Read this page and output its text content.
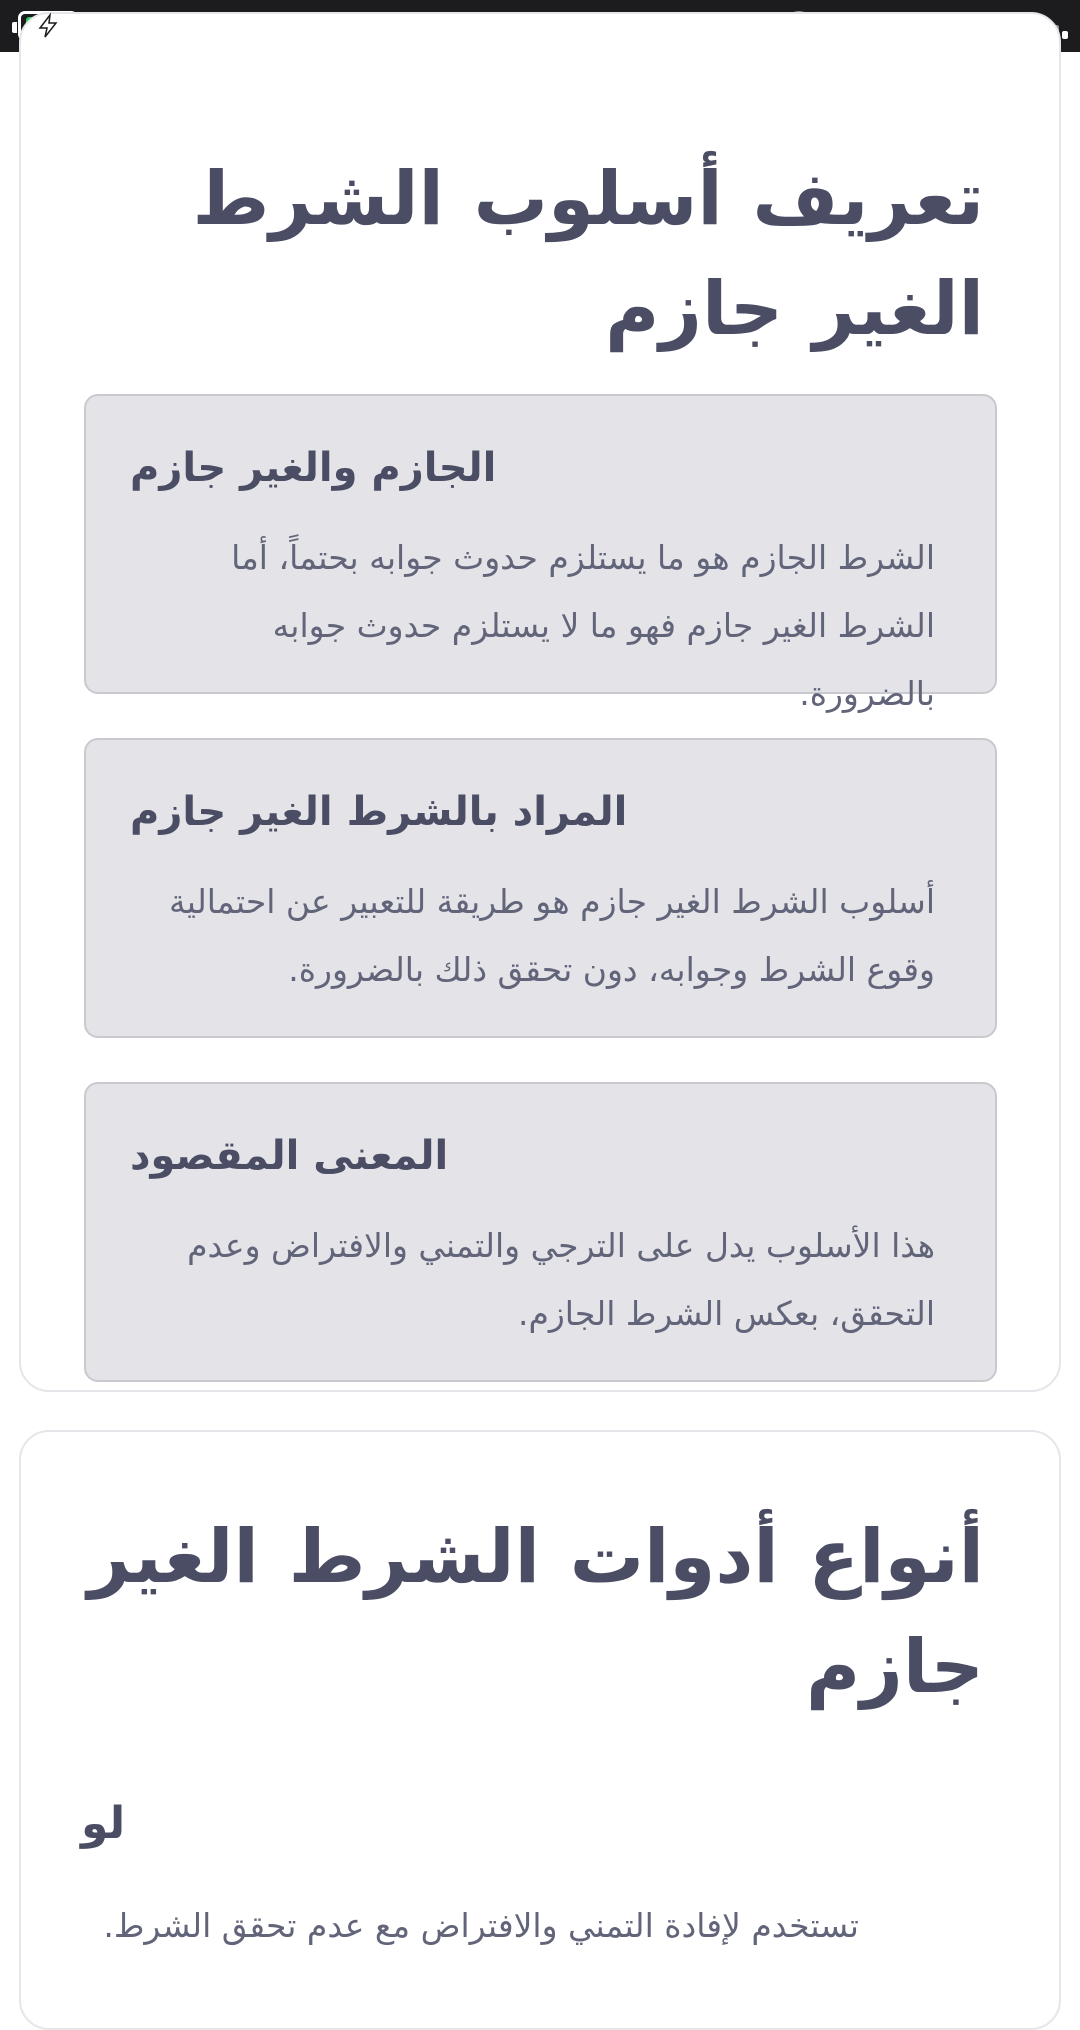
تعريف أسلوب الشرط الغير جازم
الجازم والغير جازم

الشرط الجازم هو ما يستلزم حدوث جوابه بحتماً، أما الشرط الغير جازم فهو ما لا يستلزم حدوث جوابه بالضرورة.

المراد بالشرط الغير جازم

أسلوب الشرط الغير جازم هو طريقة للتعبير عن احتمالية وقوع الشرط وجوابه، دون تحقق ذلك بالضرورة.

المعنى المقصود

هذا الأسلوب يدل على الترجي والتمني والافتراض وعدم التحقق، بعكس الشرط الجازم.

أنواع أدوات الشرط الغير جازم
لو

تستخدم لإفادة التمني والافتراض مع عدم تحقق الشرط.
